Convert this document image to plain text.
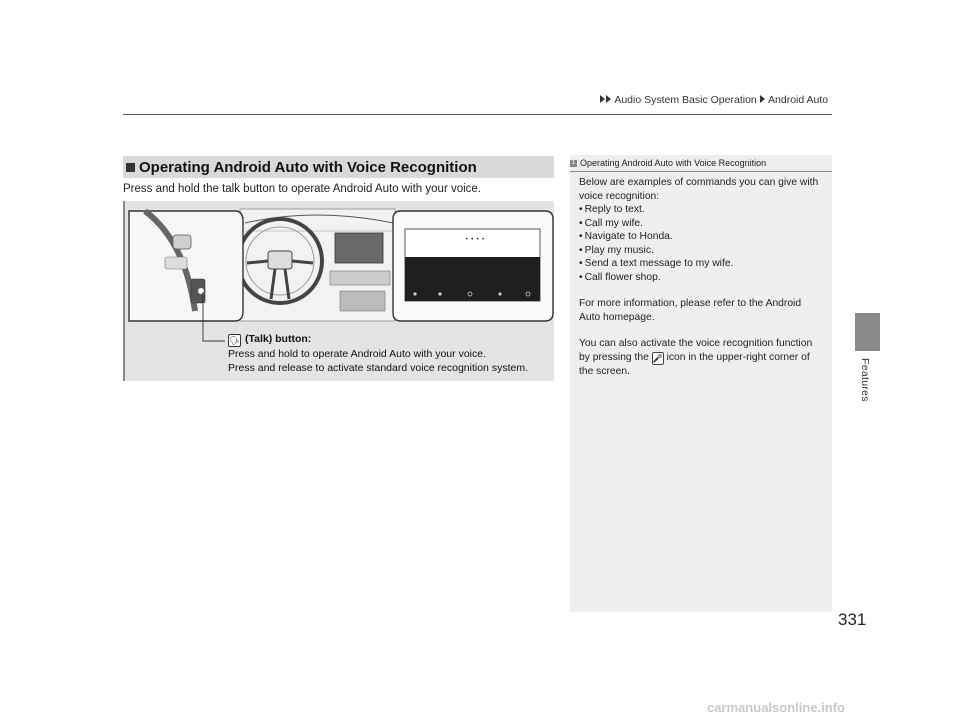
Audio System Basic Operation Android Auto
Features
331
Operating Android Auto with Voice Recognition
Press and hold the talk button to operate Android Auto with your voice.
• • • •
🗣 (Talk) button:
Press and hold to operate Android Auto with your voice.
Press and release to activate standard voice recognition system.
1 Operating Android Auto with Voice Recognition

Below are examples of commands you can give with

voice recognition:

• Reply to text.
• Call my wife.
• Navigate to Honda.
• Play my music.
• Send a text message to my wife.
• Call flower shop.

For more information, please refer to the Android

Auto homepage.

You can also activate the voice recognition function

by pressing the 🎤 icon in the upper-right corner of

the screen.

carmanualsonline.info
